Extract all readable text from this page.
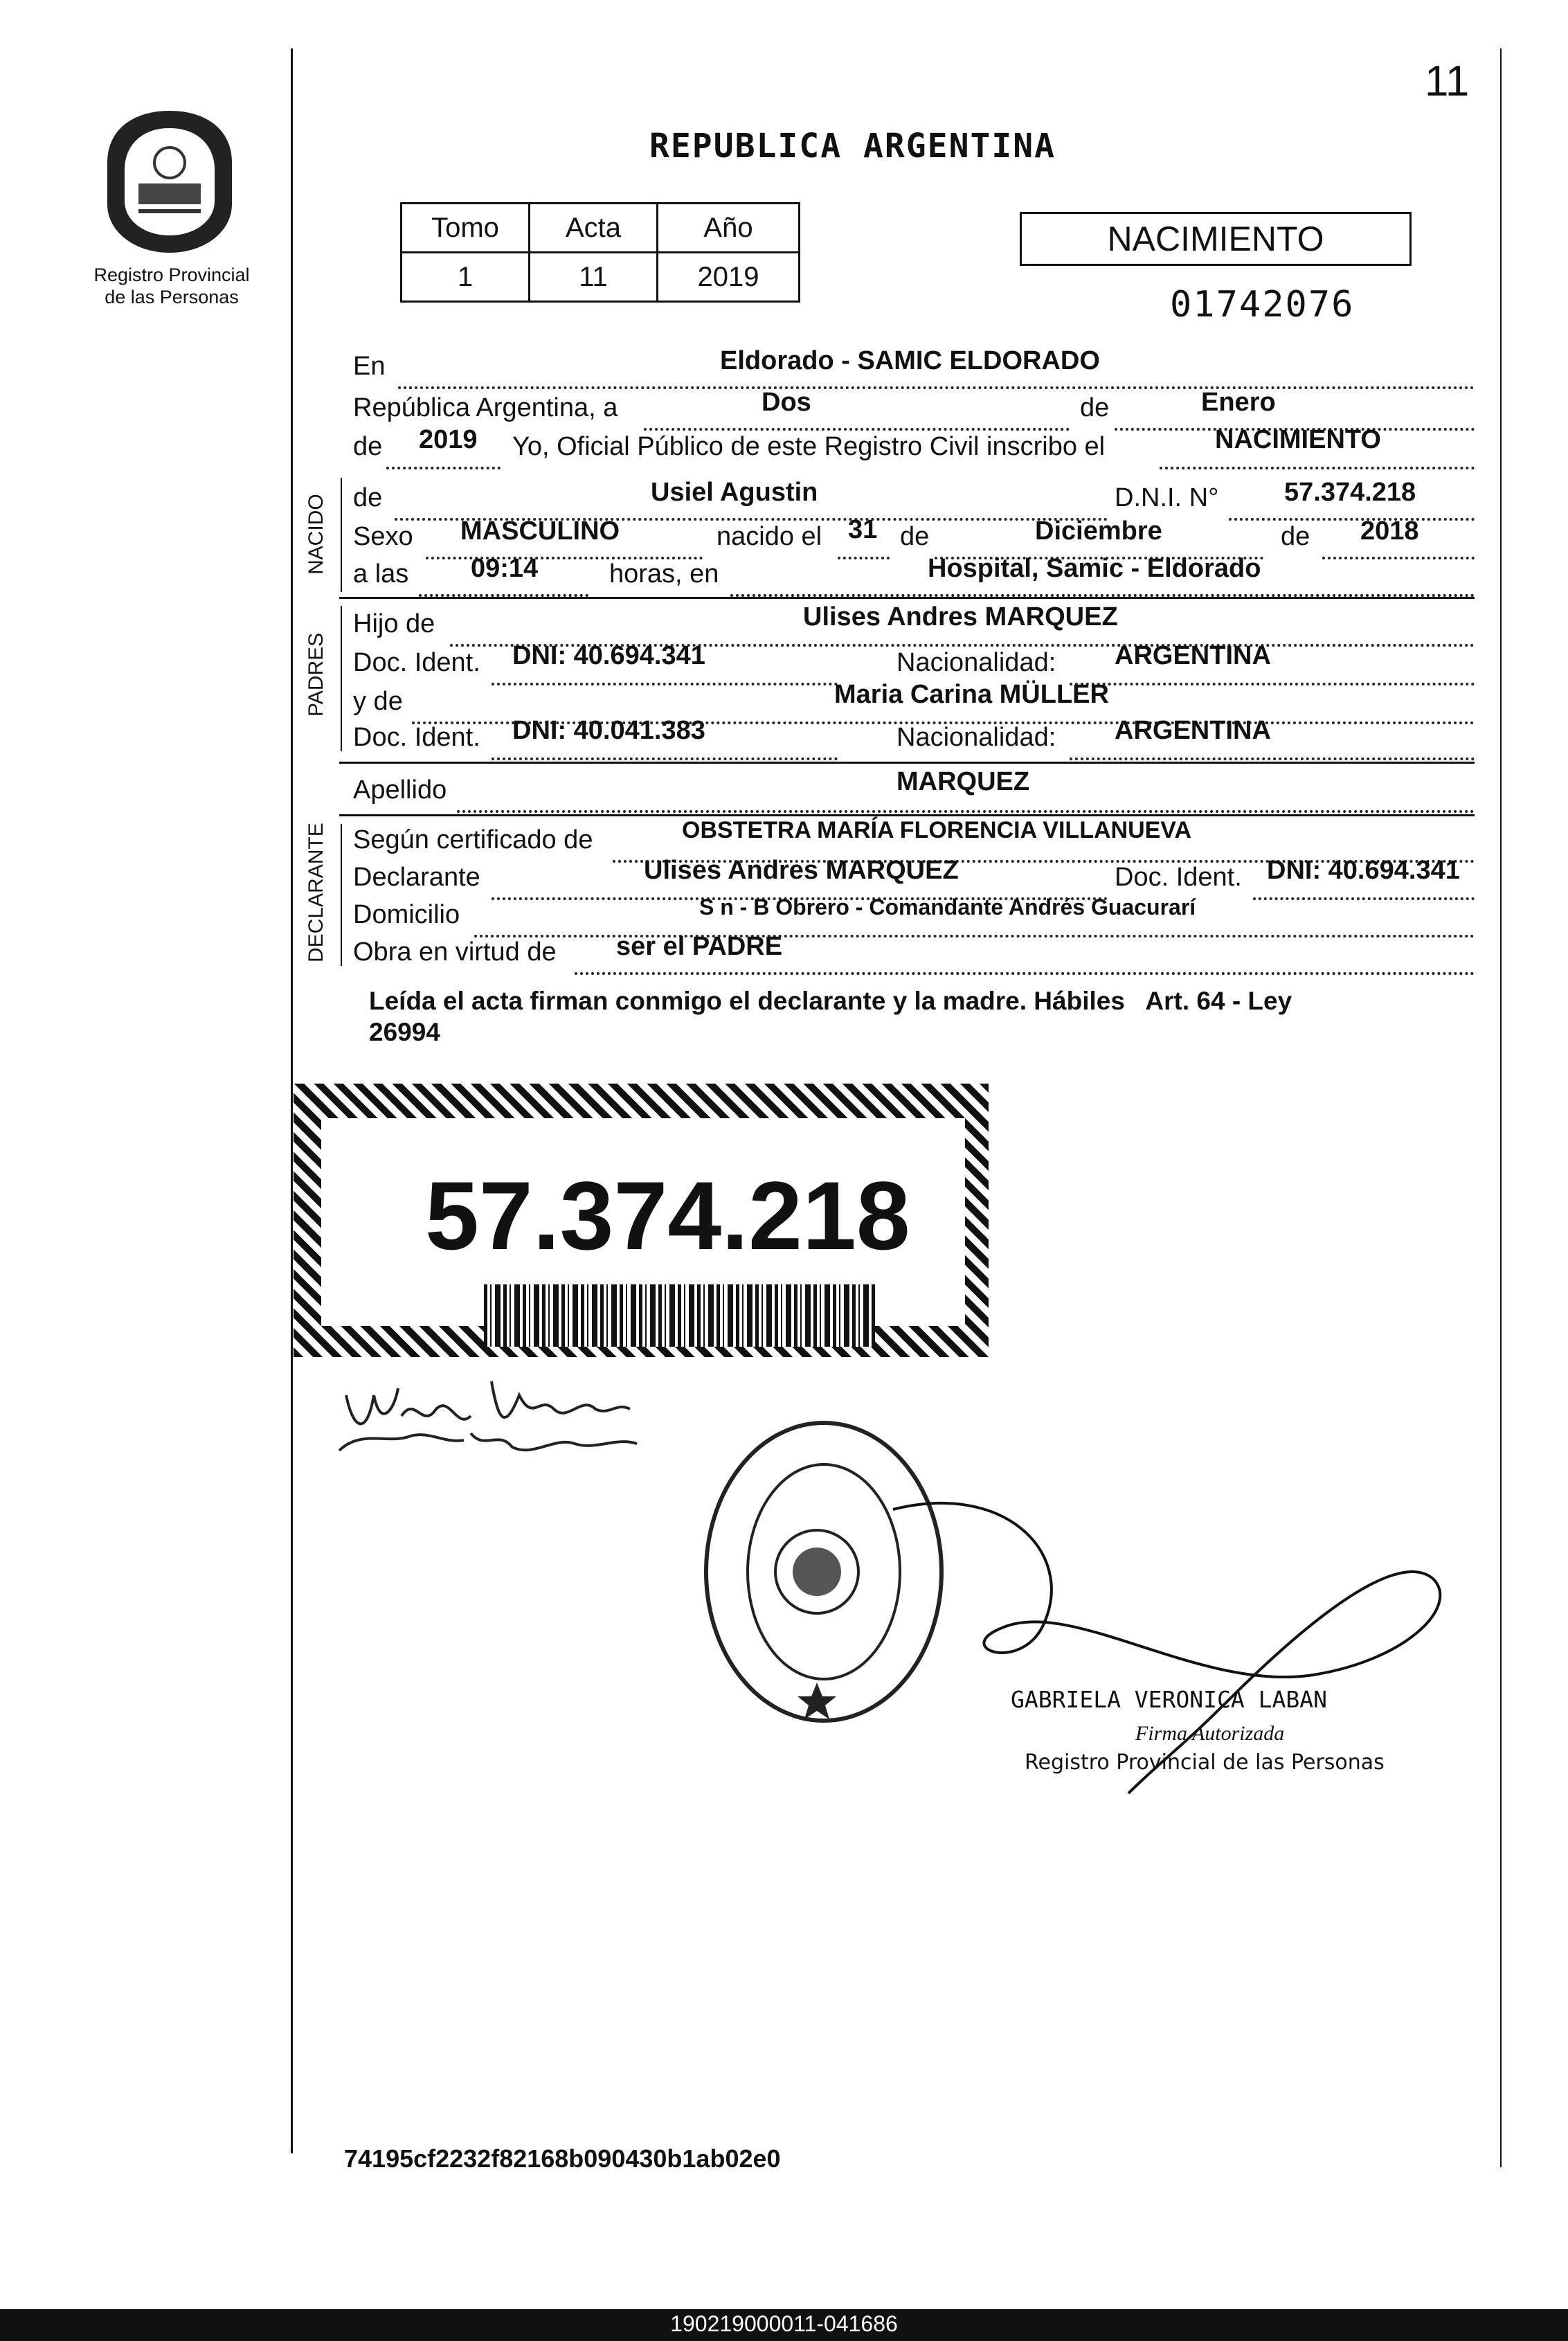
11
Registro Provincial
de las Personas
REPUBLICA ARGENTINA
Tomo	Acta	Año
1	11	2019
NACIMIENTO
01742076
En	Eldorado - SAMIC ELDORADO
República Argentina, a	Dos	de	Enero
de 2019 Yo, Oficial Público de este Registro Civil inscribo el	NACIMIENTO
NACIDO de	Usiel Agustin	D.N.I. N° 57.374.218
Sexo MASCULINO	nacido el 31 de	Diciembre	de 2018
a las 09:14	horas, en	Hospital, Samic - Eldorado
PADRES
Hijo de	Ulises Andres MARQUEZ
Doc. Ident. DNI: 40.694.341	Nacionalidad: ARGENTINA
y de	Maria Carina MÜLLER
Doc. Ident. DNI: 40.041.383	Nacionalidad: ARGENTINA
Apellido	MARQUEZ
DECLARANTE Según certificado de	OBSTETRA MARÍA FLORENCIA VILLANUEVA
Declarante	Ulises Andres MARQUEZ	Doc. Ident. DNI: 40.694.341
Domicilio	S n - B Obrero - Comandante Andrés Guacurarí
Obra en virtud de ser el PADRE
Leída el acta firman conmigo el declarante y la madre. Hábiles   Art. 64 - Ley
26994
57.374.218
GABRIELA VERONICA LABAN
Firma Autorizada
Registro Provincial de las Personas
74195cf2232f82168b090430b1ab02e0
190219000011-041686
